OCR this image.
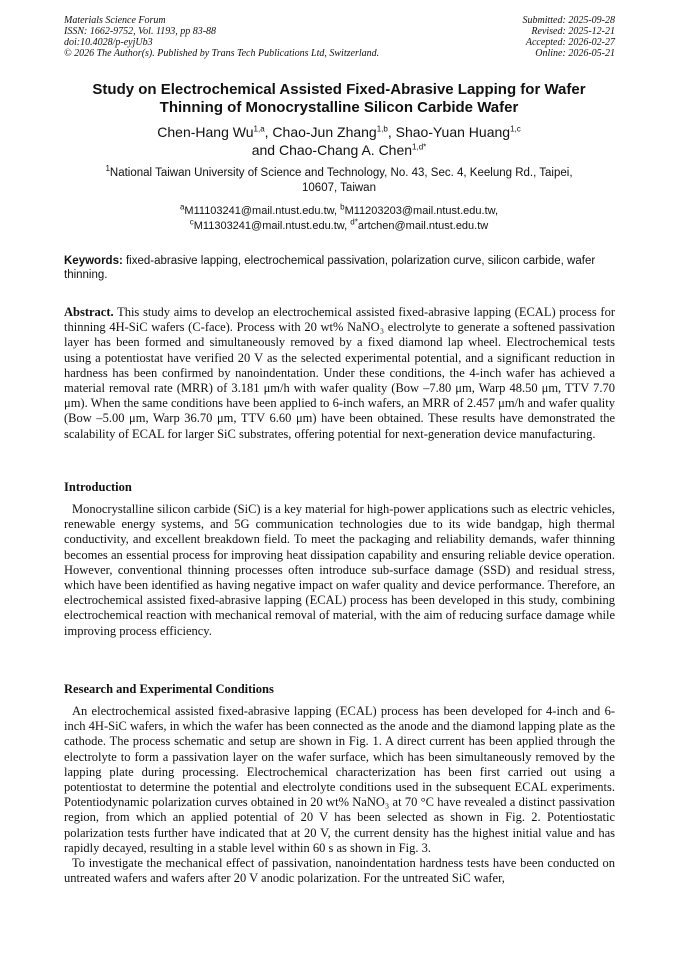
Materials Science Forum
ISSN: 1662-9752, Vol. 1193, pp 83-88
doi:10.4028/p-eyjUb3
© 2026 The Author(s). Published by Trans Tech Publications Ltd, Switzerland.
Submitted: 2025-09-28
Revised: 2025-12-21
Accepted: 2026-02-27
Online: 2026-05-21
Study on Electrochemical Assisted Fixed-Abrasive Lapping for Wafer
Thinning of Monocrystalline Silicon Carbide Wafer
Chen-Hang Wu$^{1,a}$, Chao-Jun Zhang$^{1,b}$, Shao-Yuan Huang$^{1,c}$
and Chao-Chang A. Chen$^{1,d*}$
$^1$National Taiwan University of Science and Technology, No. 43, Sec. 4, Keelung Rd., Taipei,
10607, Taiwan
$^a$M11103241@mail.ntust.edu.tw, $^b$M11203203@mail.ntust.edu.tw,
$^c$M11303241@mail.ntust.edu.tw, $^{d*}$artchen@mail.ntust.edu.tw
Keywords: fixed-abrasive lapping, electrochemical passivation, polarization curve, silicon carbide, wafer thinning.

Abstract. This study aims to develop an electrochemical assisted fixed-abrasive lapping (ECAL) process for thinning 4H-SiC wafers (C-face). Process with 20 wt% NaNO₃ electrolyte to generate a softened passivation layer has been formed and simultaneously removed by a fixed diamond lap wheel. Electrochemical tests using a potentiostat have verified 20 V as the selected experimental potential, and a significant reduction in hardness has been confirmed by nanoindentation. Under these conditions, the 4-inch wafer has achieved a material removal rate (MRR) of 3.181 μm/h with wafer quality (Bow –7.80 μm, Warp 48.50 μm, TTV 7.70 μm). When the same conditions have been applied to 6-inch wafers, an MRR of 2.457 μm/h and wafer quality (Bow –5.00 μm, Warp 36.70 μm, TTV 6.60 μm) have been obtained. These results have demonstrated the scalability of ECAL for larger SiC substrates, offering potential for next-generation device manufacturing.

Introduction

Monocrystalline silicon carbide (SiC) is a key material for high-power applications such as electric vehicles, renewable energy systems, and 5G communication technologies due to its wide bandgap, high thermal conductivity, and excellent breakdown field. To meet the packaging and reliability demands, wafer thinning becomes an essential process for improving heat dissipation capability and ensuring reliable device operation. However, conventional thinning processes often introduce sub-surface damage (SSD) and residual stress, which have been identified as having negative impact on wafer quality and device performance. Therefore, an electrochemical assisted fixed-abrasive lapping (ECAL) process has been developed in this study, combining electrochemical reaction with mechanical removal of material, with the aim of reducing surface damage while improving process efficiency.

Research and Experimental Conditions

An electrochemical assisted fixed-abrasive lapping (ECAL) process has been developed for 4-inch and 6-inch 4H-SiC wafers, in which the wafer has been connected as the anode and the diamond lapping plate as the cathode. The process schematic and setup are shown in Fig. 1. A direct current has been applied through the electrolyte to form a passivation layer on the wafer surface, which has been simultaneously removed by the lapping plate during processing. Electrochemical characterization has been first carried out using a potentiostat to determine the potential and electrolyte conditions used in the subsequent ECAL experiments. Potentiodynamic polarization curves obtained in 20 wt% NaNO₃ at 70 °C have revealed a distinct passivation region, from which an applied potential of 20 V has been selected as shown in Fig. 2. Potentiostatic polarization tests further have indicated that at 20 V, the current density has the highest initial value and has rapidly decayed, resulting in a stable level within 60 s as shown in Fig. 3.

To investigate the mechanical effect of passivation, nanoindentation hardness tests have been conducted on untreated wafers and wafers after 20 V anodic polarization. For the untreated SiC wafer,
